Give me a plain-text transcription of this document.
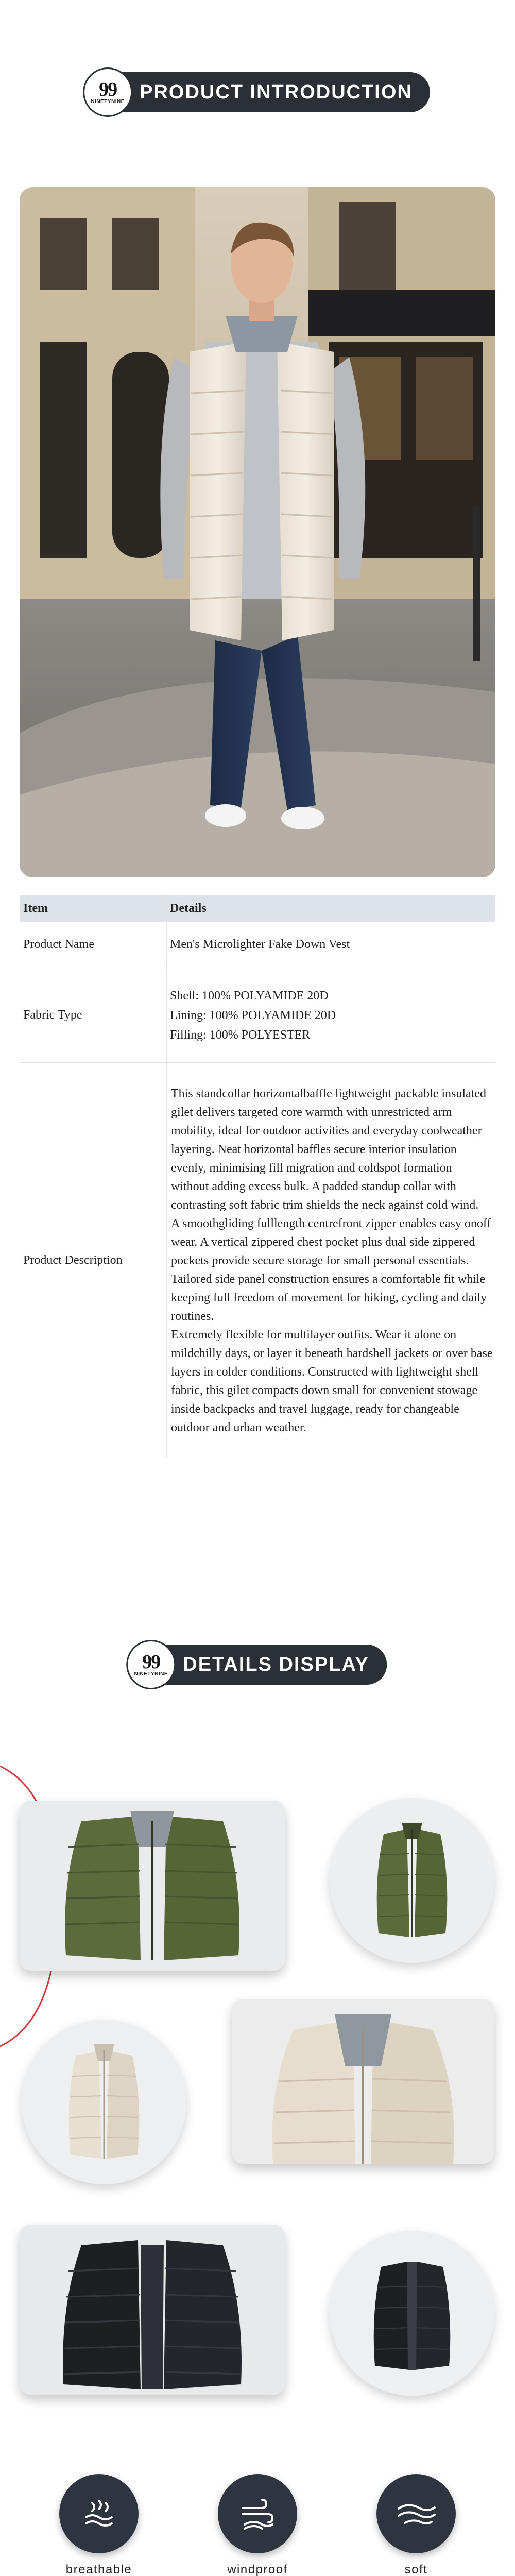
99
NINETYNINE PRODUCT INTRODUCTION
Item	Details
Product Name	Men's Microlighter Fake Down Vest
Fabric Type	Shell: 100% POLYAMIDE 20D
Lining: 100% POLYAMIDE 20D
Filling: 100% POLYESTER

Product Description	This standcollar horizontalbaffle lightweight packable insulated gilet delivers targeted core warmth with unrestricted arm mobility, ideal for outdoor activities and everyday coolweather layering. Neat horizontal baffles secure interior insulation evenly, minimising fill migration and coldspot formation without adding excess bulk. A padded standup collar with contrasting soft fabric trim shields the neck against cold wind.
A smoothgliding fulllength centrefront zipper enables easy onoff wear. A vertical zippered chest pocket plus dual side zippered pockets provide secure storage for small personal essentials. Tailored side panel construction ensures a comfortable fit while keeping full freedom of movement for hiking, cycling and daily routines.
Extremely flexible for multilayer outfits. Wear it alone on mildchilly days, or layer it beneath hardshell jackets or over base layers in colder conditions. Constructed with lightweight shell fabric, this gilet compacts down small for convenient stowage inside backpacks and travel luggage, ready for changeable outdoor and urban weather.
99
NINETYNINE DETAILS DISPLAY
breathable	windproof	soft
